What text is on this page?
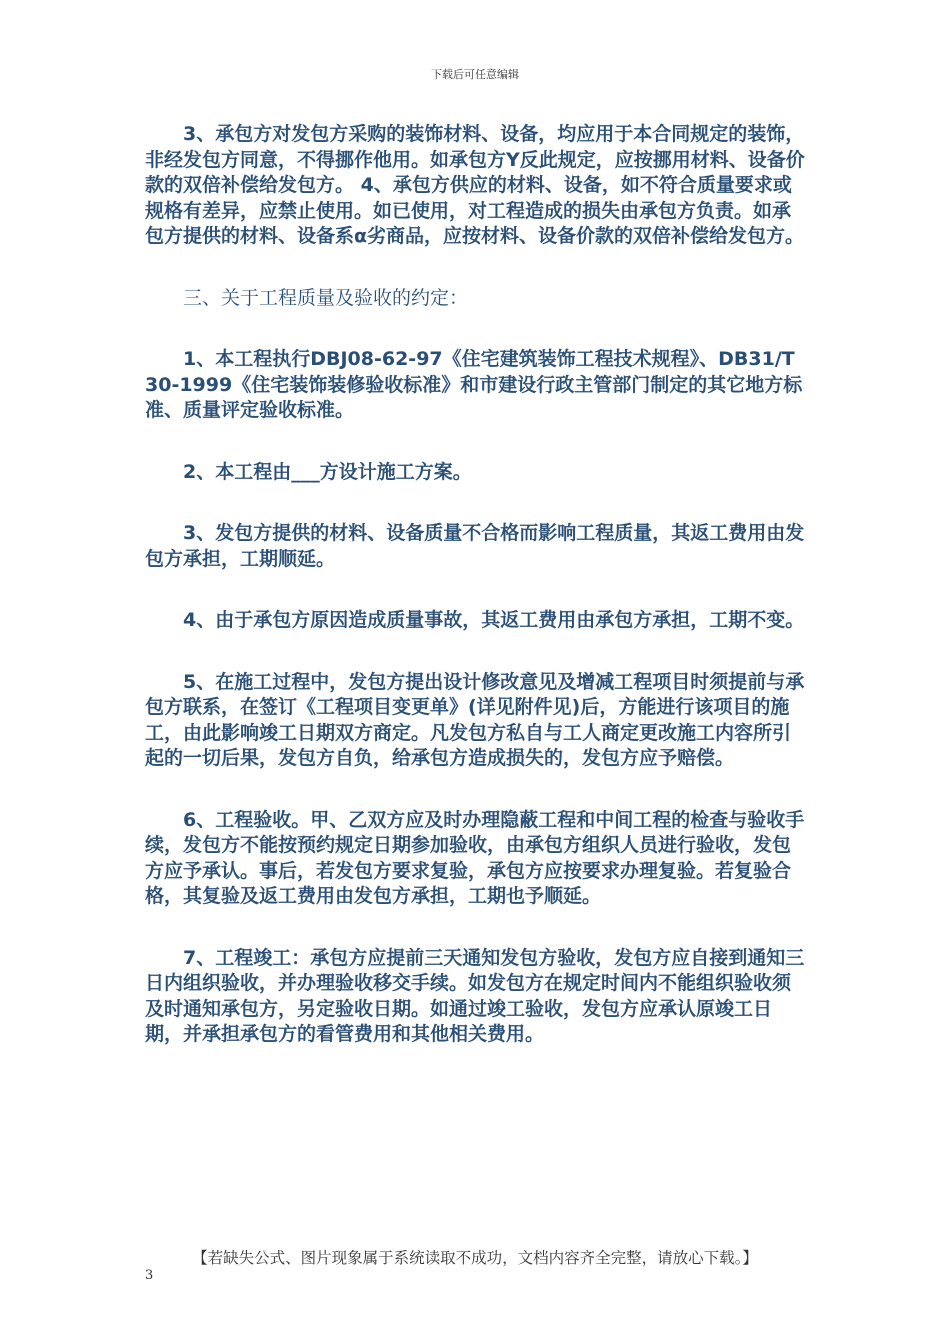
下载后可任意编辑

3、承包方对发包方采购的装饰材料、设备，均应用于本合同规定的装饰，非经发包方同意，不得挪作他用。如承包方Y反此规定，应按挪用材料、设备价款的双倍补偿给发包方。 4、承包方供应的材料、设备，如不符合质量要求或规格有差异，应禁止使用。如已使用，对工程造成的损失由承包方负责。如承包方提供的材料、设备系α劣商品，应按材料、设备价款的双倍补偿给发包方。

三、关于工程质量及验收的约定：

1、本工程执行DBJ08-62-97《住宅建筑装饰工程技术规程》、DB31/T30-1999《住宅装饰装修验收标准》和市建设行政主管部门制定的其它地方标准、质量评定验收标准。

2、本工程由___方设计施工方案。

3、发包方提供的材料、设备质量不合格而影响工程质量，其返工费用由发包方承担，工期顺延。

4、由于承包方原因造成质量事故，其返工费用由承包方承担，工期不变。

5、在施工过程中，发包方提出设计修改意见及增减工程项目时须提前与承包方联系，在签订《工程项目变更单》(详见附件见)后，方能进行该项目的施工，由此影响竣工日期双方商定。凡发包方私自与工人商定更改施工内容所引起的一切后果，发包方自负，给承包方造成损失的，发包方应予赔偿。

6、工程验收。甲、乙双方应及时办理隐蔽工程和中间工程的检查与验收手续，发包方不能按预约规定日期参加验收，由承包方组织人员进行验收，发包方应予承认。事后，若发包方要求复验，承包方应按要求办理复验。若复验合格，其复验及返工费用由发包方承担，工期也予顺延。

7、工程竣工：承包方应提前三天通知发包方验收，发包方应自接到通知三日内组织验收，并办理验收移交手续。如发包方在规定时间内不能组织验收须及时通知承包方，另定验收日期。如通过竣工验收，发包方应承认原竣工日期，并承担承包方的看管费用和其他相关费用。

【若缺失公式、图片现象属于系统读取不成功，文档内容齐全完整，请放心下载。】
3
